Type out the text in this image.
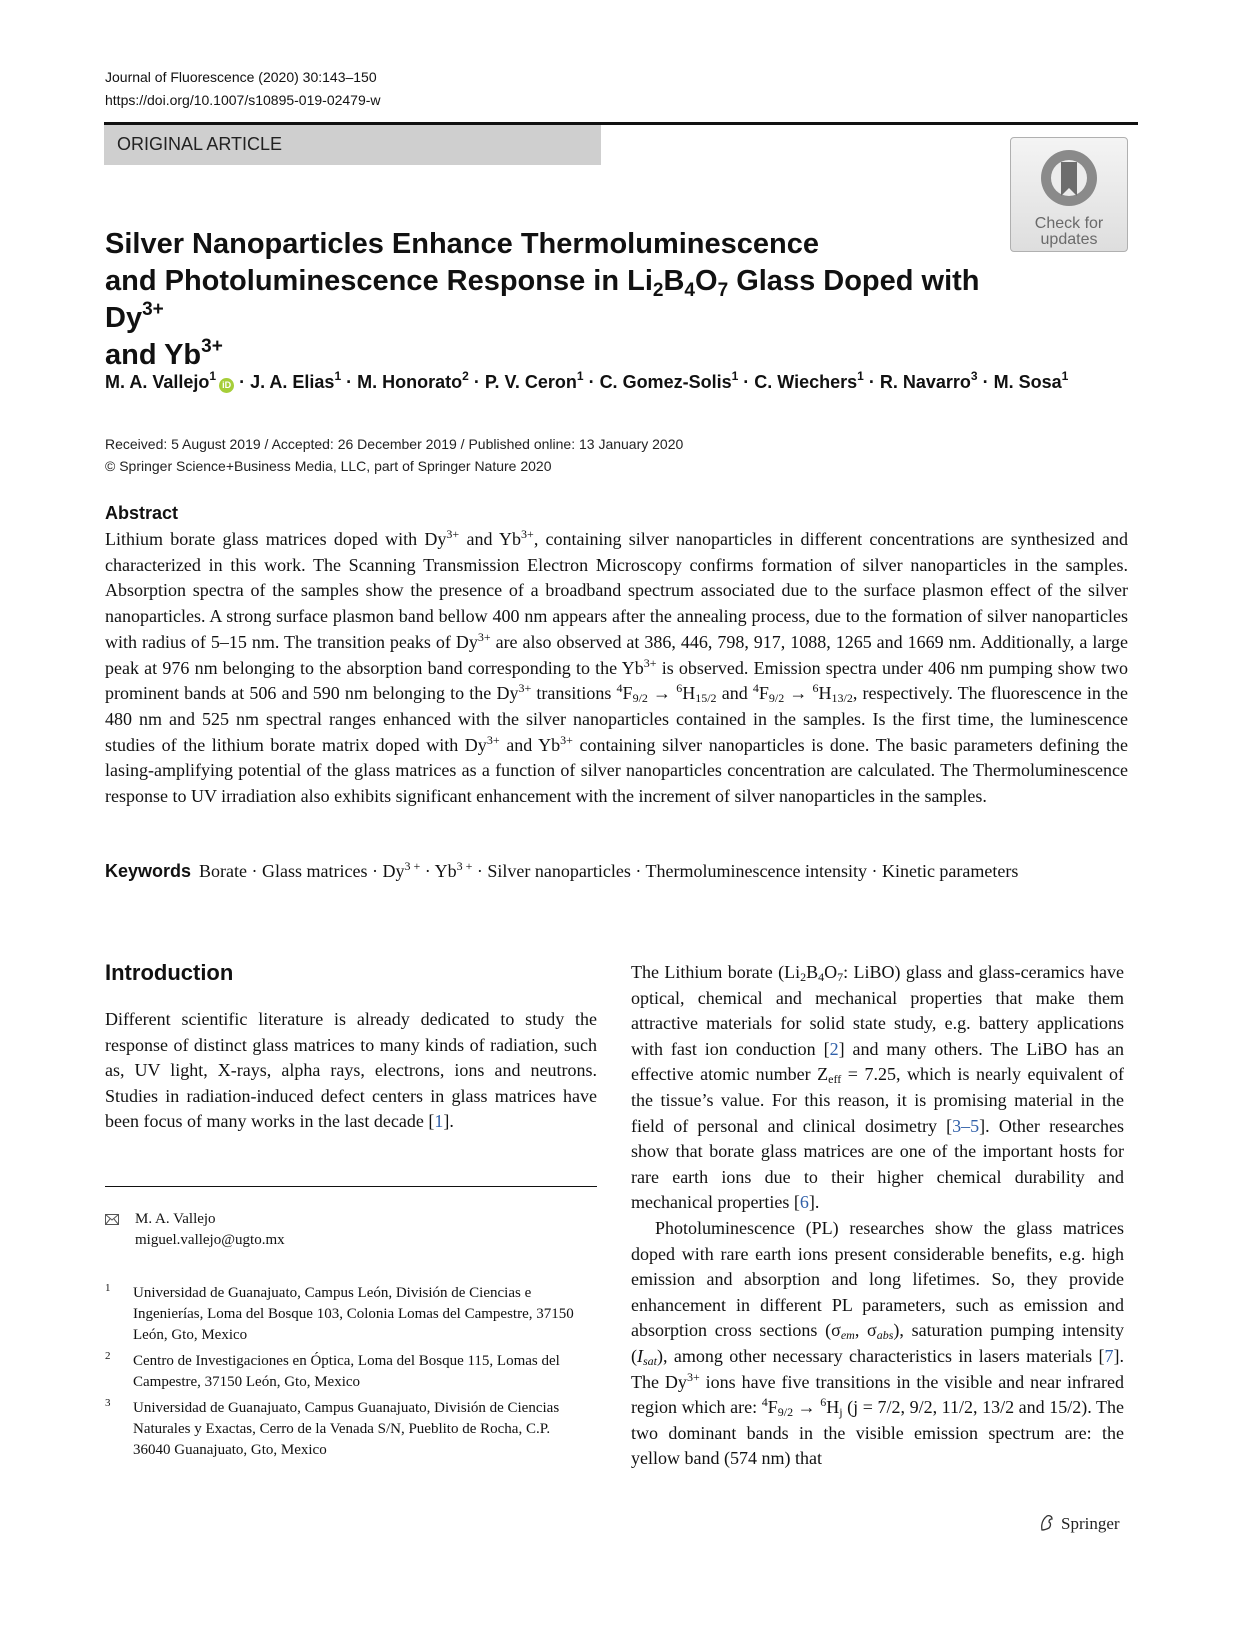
Journal of Fluorescence (2020) 30:143–150
https://doi.org/10.1007/s10895-019-02479-w
ORIGINAL ARTICLE
Check for
updates
Silver Nanoparticles Enhance Thermoluminescence
and Photoluminescence Response in $Li_2B_4O_7$ Glass Doped with $Dy^{3+}$
and $Yb^{3+}$
M. A. Vallejo$^1$iD · J. A. Elias$^1$ · M. Honorato$^2$ · P. V. Ceron$^1$ · C. Gomez-Solis$^1$ · C. Wiechers$^1$ · R. Navarro$^3$ · M. Sosa$^1$
Received: 5 August 2019 / Accepted: 26 December 2019 / Published online: 13 January 2020
© Springer Science+Business Media, LLC, part of Springer Nature 2020
Abstract
Lithium borate glass matrices doped with $Dy^{3+}$ and $Yb^{3+}$, containing silver nanoparticles in different concentrations are synthesized and characterized in this work. The Scanning Transmission Electron Microscopy confirms formation of silver nanoparticles in the samples. Absorption spectra of the samples show the presence of a broadband spectrum associated due to the surface plasmon effect of the silver nanoparticles. A strong surface plasmon band bellow 400 nm appears after the annealing process, due to the formation of silver nanoparticles with radius of 5–15 nm. The transition peaks of $Dy^{3+}$ are also observed at 386, 446, 798, 917, 1088, 1265 and 1669 nm. Additionally, a large peak at 976 nm belonging to the absorption band corresponding to the $Yb^{3+}$ is observed. Emission spectra under 406 nm pumping show two prominent bands at 506 and 590 nm belonging to the $Dy^{3+}$ transitions $^4F_{9/2} \to ^6H_{15/2}$ and $^4F_{9/2} \to ^6H_{13/2}$, respectively. The fluorescence in the 480 nm and 525 nm spectral ranges enhanced with the silver nanoparticles contained in the samples. Is the first time, the luminescence studies of the lithium borate matrix doped with $Dy^{3+}$ and $Yb^{3+}$ containing silver nanoparticles is done. The basic parameters defining the lasing-amplifying potential of the glass matrices as a function of silver nanoparticles concentration are calculated. The Thermoluminescence response to UV irradiation also exhibits significant enhancement with the increment of silver nanoparticles in the samples.
Keywords Borate · Glass matrices · $Dy^{3 +} \cdot Yb^{3 +}$ · Silver nanoparticles · Thermoluminescence intensity · Kinetic parameters
Introduction

Different scientific literature is already dedicated to study the response of distinct glass matrices to many kinds of radiation, such as, UV light, X-rays, alpha rays, electrons, ions and neutrons. Studies in radiation-induced defect centers in glass matrices have been focus of many works in the last decade [1].

The Lithium borate ($Li_2B_4O_7$: LiBO) glass and glass-ceramics have optical, chemical and mechanical properties that make them attractive materials for solid state study, e.g. battery applications with fast ion conduction [2] and many others. The LiBO has an effective atomic number $Z_{eff} = 7.25$, which is nearly equivalent of the tissue’s value. For this reason, it is promising material in the field of personal and clinical dosimetry [3–5]. Other researches show that borate glass matrices are one of the important hosts for rare earth ions due to their higher chemical durability and mechanical properties [6].

Photoluminescence (PL) researches show the glass matrices doped with rare earth ions present considerable benefits, e.g. high emission and absorption and long lifetimes. So, they provide enhancement in different PL parameters, such as emission and absorption cross sections ($\sigma_{em}$, $\sigma_{abs}$), saturation pumping intensity $(I_{sat})$, among other necessary characteristics in lasers materials [7]. The $Dy^{3+}$ ions have five transitions in the visible and near infrared region which are: $^4F_{9/2} \to ^6H_j$ (j = 7/2, 9/2, 11/2, 13/2 and 15/2). The two dominant bands in the visible emission spectrum are: the yellow band (574 nm) that

M. A. Vallejo
miguel.vallejo@ugto.mx
1 Universidad de Guanajuato, Campus León, División de Ciencias e Ingenierías, Loma del Bosque 103, Colonia Lomas del Campestre, 37150 León, Gto, Mexico
2 Centro de Investigaciones en Óptica, Loma del Bosque 115, Lomas del Campestre, 37150 León, Gto, Mexico
3 Universidad de Guanajuato, Campus Guanajuato, División de Ciencias Naturales y Exactas, Cerro de la Venada S/N, Pueblito de Rocha, C.P. 36040 Guanajuato, Gto, Mexico
Springer
